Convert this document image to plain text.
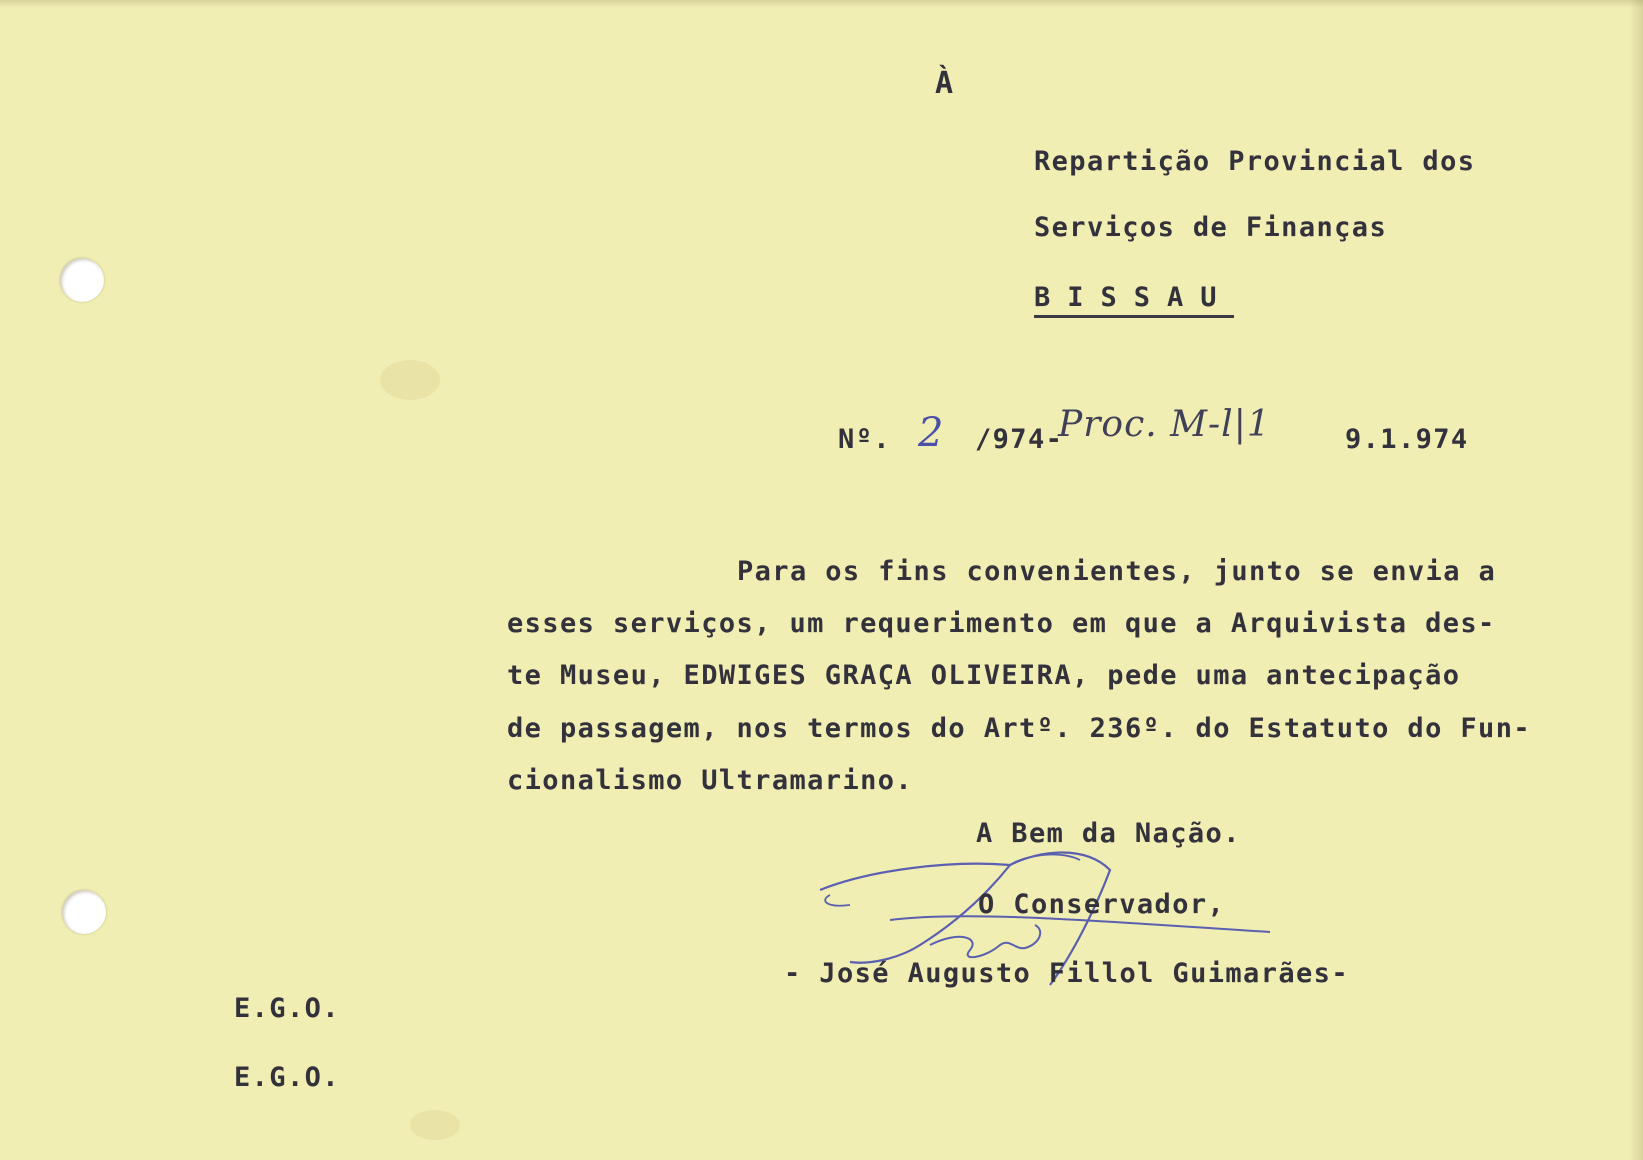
À
Repartição Provincial dos
Serviços de Finanças
BISSAU
Nº. 2 /974-
Proc. M-l|1	9.1.974
Para os fins convenientes, junto se envia a
esses serviços, um requerimento em que a Arquivista des-
te Museu, EDWIGES GRAÇA OLIVEIRA, pede uma antecipação
de passagem, nos termos do Artº. 236º. do Estatuto do Fun-
cionalismo Ultramarino.
A Bem da Nação.
O Conservador,
- José Augusto Fillol Guimarães-
E.G.O.
E.G.O.
